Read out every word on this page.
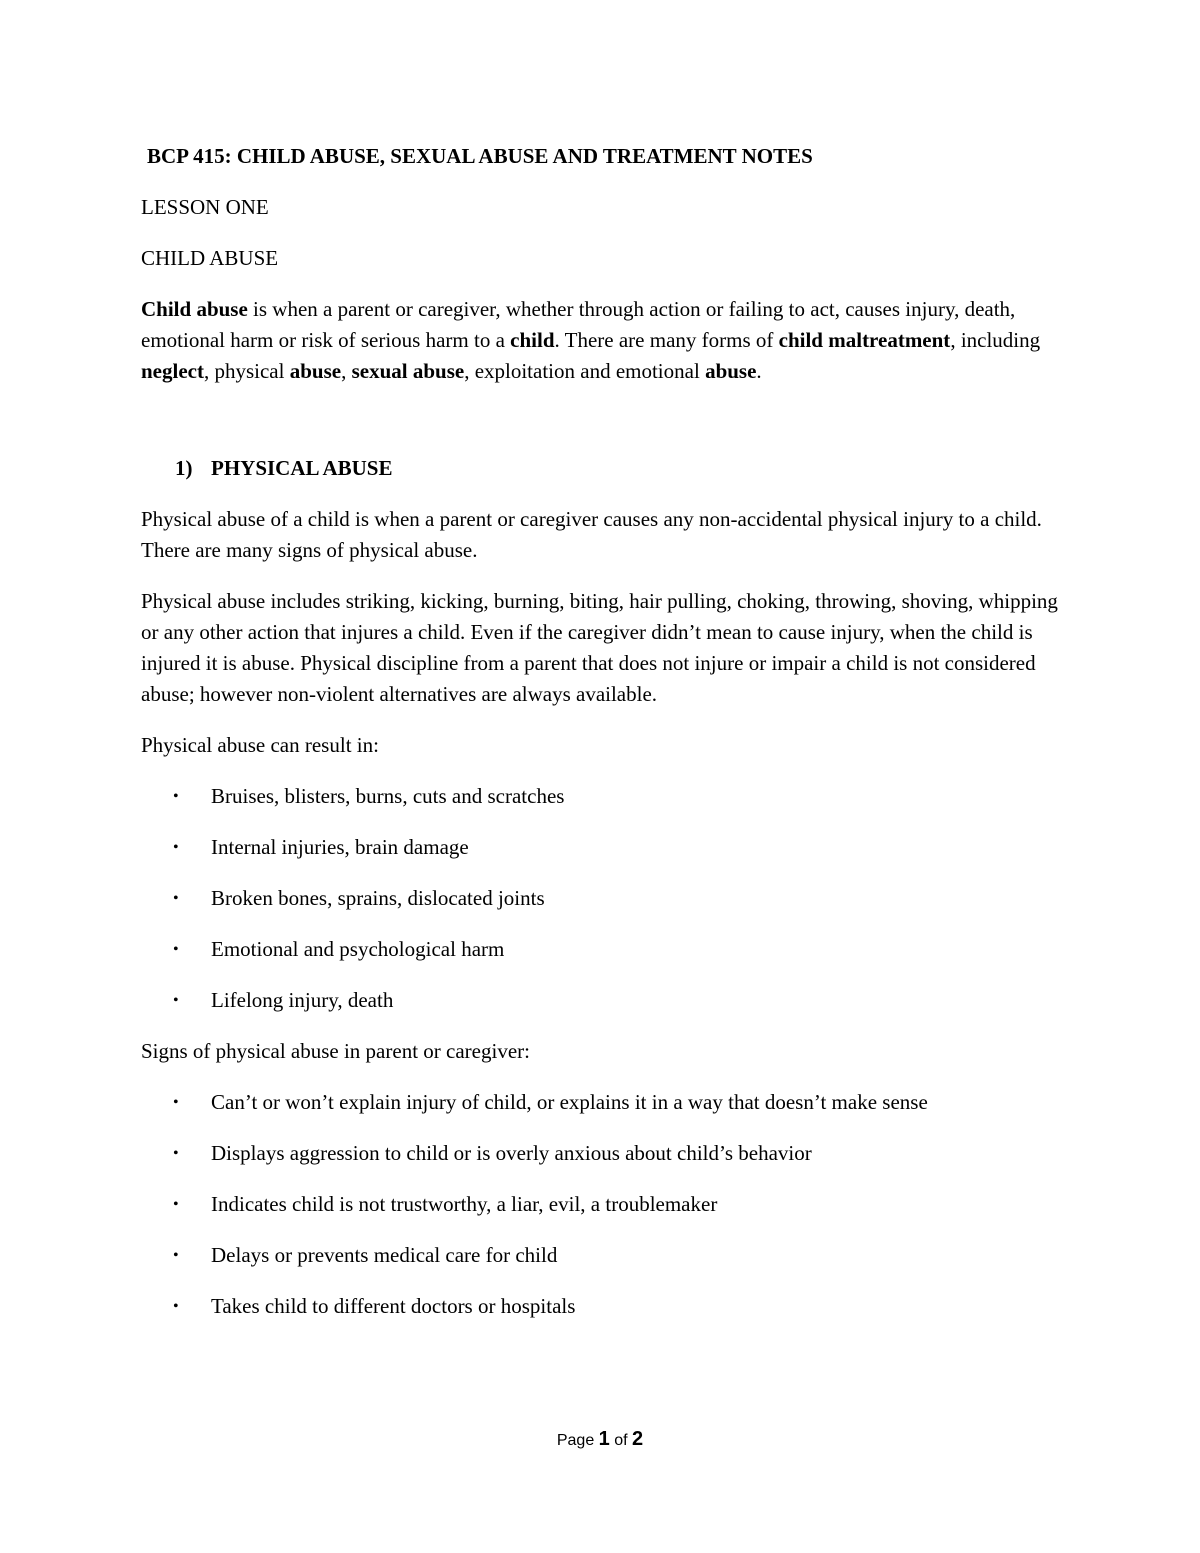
BCP 415: CHILD ABUSE, SEXUAL ABUSE AND TREATMENT NOTES
LESSON ONE
CHILD ABUSE

Child abuse is when a parent or caregiver, whether through action or failing to act, causes injury, death, emotional harm or risk of serious harm to a child. There are many forms of child maltreatment, including neglect, physical abuse, sexual abuse, exploitation and emotional abuse.

1) PHYSICAL ABUSE

Physical abuse of a child is when a parent or caregiver causes any non-accidental physical injury to a child. There are many signs of physical abuse.

Physical abuse includes striking, kicking, burning, biting, hair pulling, choking, throwing, shoving, whipping or any other action that injures a child. Even if the caregiver didn’t mean to cause injury, when the child is injured it is abuse. Physical discipline from a parent that does not injure or impair a child is not considered abuse; however non-violent alternatives are always available.

Physical abuse can result in:

•	Bruises, blisters, burns, cuts and scratches
•	Internal injuries, brain damage
•	Broken bones, sprains, dislocated joints
•	Emotional and psychological harm
•	Lifelong injury, death

Signs of physical abuse in parent or caregiver:

•	Can’t or won’t explain injury of child, or explains it in a way that doesn’t make sense
•	Displays aggression to child or is overly anxious about child’s behavior
•	Indicates child is not trustworthy, a liar, evil, a troublemaker
•	Delays or prevents medical care for child
•	Takes child to different doctors or hospitals
Page 1 of 2
